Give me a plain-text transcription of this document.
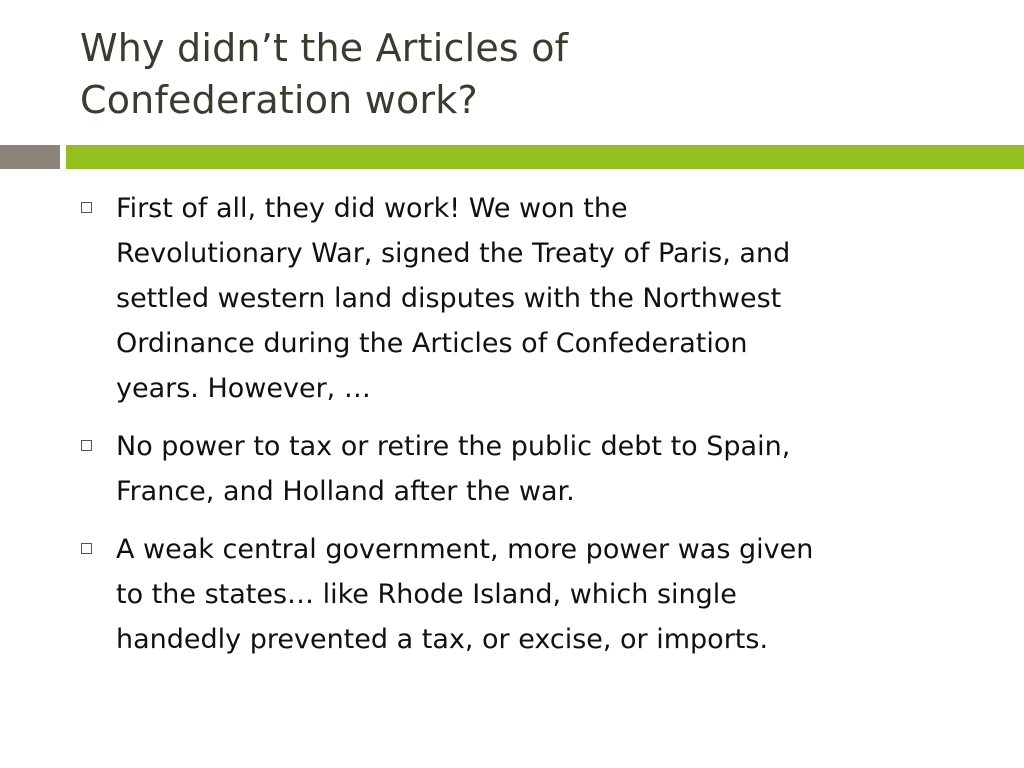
Why didn’t the Articles of
Confederation work?
First of all, they did work! We won the
Revolutionary War, signed the Treaty of Paris, and
settled western land disputes with the Northwest
Ordinance during the Articles of Confederation
years. However, …
No power to tax or retire the public debt to Spain,
France, and Holland after the war.
A weak central government, more power was given
to the states… like Rhode Island, which single
handedly prevented a tax, or excise, or imports.
